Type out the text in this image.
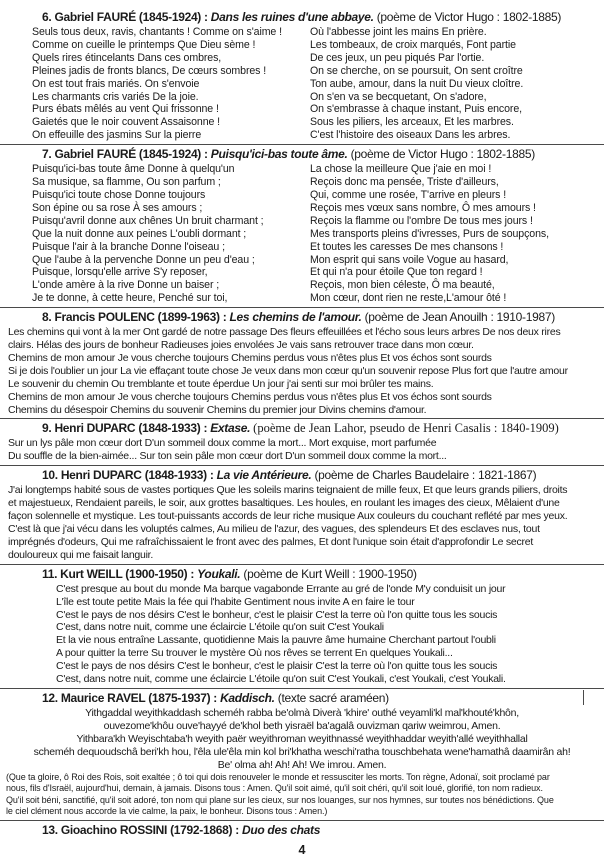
6. Gabriel FAURÉ (1845-1924) : Dans les ruines d'une abbaye. (poème de Victor Hugo : 1802-1885)
Seuls tous deux, ravis, chantants ! Comme on s'aime !
Comme on cueille le printemps Que Dieu sème !
Quels rires étincelants Dans ces ombres,
Pleines jadis de fronts blancs, De cœurs sombres !
On est tout frais mariés. On s'envoie
Les charmants cris variés De la joie.
Purs ébats mêlés au vent Qui frissonne !
Gaietés que le noir couvent Assaisonne !
On effeuille des jasmins Sur la pierre
Où l'abbesse joint les mains En prière.
Les tombeaux, de croix marqués, Font partie
De ces jeux, un peu piqués Par l'ortie.
On se cherche, on se poursuit, On sent croître
Ton aube, amour, dans la nuit Du vieux cloître.
On s'en va se becquetant, On s'adore,
On s'embrasse à chaque instant, Puis encore,
Sous les piliers, les arceaux, Et les marbres.
C'est l'histoire des oiseaux Dans les arbres.
7. Gabriel FAURÉ (1845-1924) : Puisqu'ici-bas toute âme. (poème de Victor Hugo : 1802-1885)
Puisqu'ici-bas toute âme Donne à quelqu'un
Sa musique, sa flamme, Ou son parfum ;
Puisqu'ici toute chose Donne toujours
Son épine ou sa rose À ses amours ;
Puisqu'avril donne aux chênes Un bruit charmant ;
Que la nuit donne aux peines L'oubli dormant ;
Puisque l'air à la branche Donne l'oiseau ;
Que l'aube à la pervenche Donne un peu d'eau ;
Puisque, lorsqu'elle arrive S'y reposer,
L'onde amère à la rive Donne un baiser ;
Je te donne, à cette heure, Penché sur toi,
La chose la meilleure Que j'aie en moi !
Reçois donc ma pensée, Triste d'ailleurs,
Qui, comme une rosée, T'arrive en pleurs !
Reçois mes vœux sans nombre, Ô mes amours !
Reçois la flamme ou l'ombre De tous mes jours !
Mes transports pleins d'ivresses, Purs de soupçons,
Et toutes les caresses De mes chansons !
Mon esprit qui sans voile Vogue au hasard,
Et qui n'a pour étoile Que ton regard !
Reçois, mon bien céleste, Ô ma beauté,
Mon cœur, dont rien ne reste,L'amour ôté !
8. Francis POULENC (1899-1963) : Les chemins de l'amour. (poème de Jean Anouilh : 1910-1987)
Les chemins qui vont à la mer Ont gardé de notre passage Des fleurs effeuillées et l'écho sous leurs arbres De nos deux rires
clairs. Hélas des jours de bonheur Radieuses joies envolées Je vais sans retrouver trace dans mon cœur.
Chemins de mon amour Je vous cherche toujours Chemins perdus vous n'êtes plus Et vos échos sont sourds
Si je dois l'oublier un jour La vie effaçant toute chose Je veux dans mon cœur qu'un souvenir repose Plus fort que l'autre amour
Le souvenir du chemin Ou tremblante et toute éperdue Un jour j'ai senti sur moi brûler tes mains.
Chemins de mon amour Je vous cherche toujours Chemins perdus vous n'êtes plus Et vos échos sont sourds
Chemins du désespoir Chemins du souvenir Chemins du premier jour Divins chemins d'amour.
9. Henri DUPARC (1848-1933) : Extase. (poème de Jean Lahor, pseudo de Henri Casalis : 1840-1909)
Sur un lys pâle mon cœur dort D'un sommeil doux comme la mort... Mort exquise, mort parfumée
Du souffle de la bien-aimée... Sur ton sein pâle mon cœur dort D'un sommeil doux comme la mort...
10. Henri DUPARC (1848-1933) : La vie Antérieure. (poème de Charles Baudelaire : 1821-1867)
J'ai longtemps habité sous de vastes portiques Que les soleils marins teignaient de mille feux, Et que leurs grands piliers, droits
et majestueux, Rendaient pareils, le soir, aux grottes basaltiques. Les houles, en roulant les images des cieux, Mêlaient d'une
façon solennelle et mystique. Les tout-puissants accords de leur riche musique Aux couleurs du couchant reflété par mes yeux.
C'est là que j'ai vécu dans les voluptés calmes, Au milieu de l'azur, des vagues, des splendeurs Et des esclaves nus, tout
imprégnés d'odeurs, Qui me rafraîchissaient le front avec des palmes, Et dont l'unique soin était d'approfondir Le secret
douloureux qui me faisait languir.
11. Kurt WEILL (1900-1950) : Youkali. (poème de Kurt Weill : 1900-1950)
C'est presque au bout du monde Ma barque vagabonde Errante au gré de l'onde M'y conduisit un jour
L'île est toute petite Mais la fée qui l'habite Gentiment nous invite A en faire le tour
C'est le pays de nos désirs C'est le bonheur, c'est le plaisir C'est la terre où l'on quitte tous les soucis
C'est, dans notre nuit, comme une éclaircie L'étoile qu'on suit C'est Youkali
Et la vie nous entraîne Lassante, quotidienne Mais la pauvre âme humaine Cherchant partout l'oubli
A pour quitter la terre Su trouver le mystère Où nos rêves se terrent En quelques Youkali...
C'est le pays de nos désirs C'est le bonheur, c'est le plaisir C'est la terre où l'on quitte tous les soucis
C'est, dans notre nuit, comme une éclaircie L'étoile qu'on suit C'est Youkali, c'est Youkali, c'est Youkali.
12. Maurice RAVEL (1875-1937) : Kaddisch. (texte sacré araméen)
Yithgaddal weyithkaddash scheméh rabba be'olmà Diverà 'khire' outhé veyamli'kl mal'khouté'khôn,
ouvezome'khôu ouve'hayyé de'khol beth yisraël ba'agalâ ouvizman qariw weimrou, Amen.
Yithbara'kh Weyischtaba'h weyith paër weyithroman weyithnassé weyithhaddar weyith'allé weyithhallal
scheméh dequoudschâ beri'kh hou, l'êla ule'êla min kol bri'khatha weschi'ratha touschbehata wene'hamathâ daamirân ah!
Be' olma ah! Ah! Ah! We imrou. Amen.
(Que ta gloire, ô Roi des Rois, soit exaltée ; ô toi qui dois renouveler le monde et ressusciter les morts. Ton règne, Adonaï, soit proclamé par
nous, fils d'Israël, aujourd'hui, demain, à jamais. Disons tous : Amen. Qu'il soit aimé, qu'il soit chéri, qu'il soit loué, glorifié, ton nom radieux.
Qu'il soit béni, sanctifié, qu'il soit adoré, ton nom qui plane sur les cieux, sur nos louanges, sur nos hymnes, sur toutes nos bénédictions. Que
le ciel clément nous accorde la vie calme, la paix, le bonheur. Disons tous : Amen.)
13. Gioachino ROSSINI (1792-1868) : Duo des chats
4
